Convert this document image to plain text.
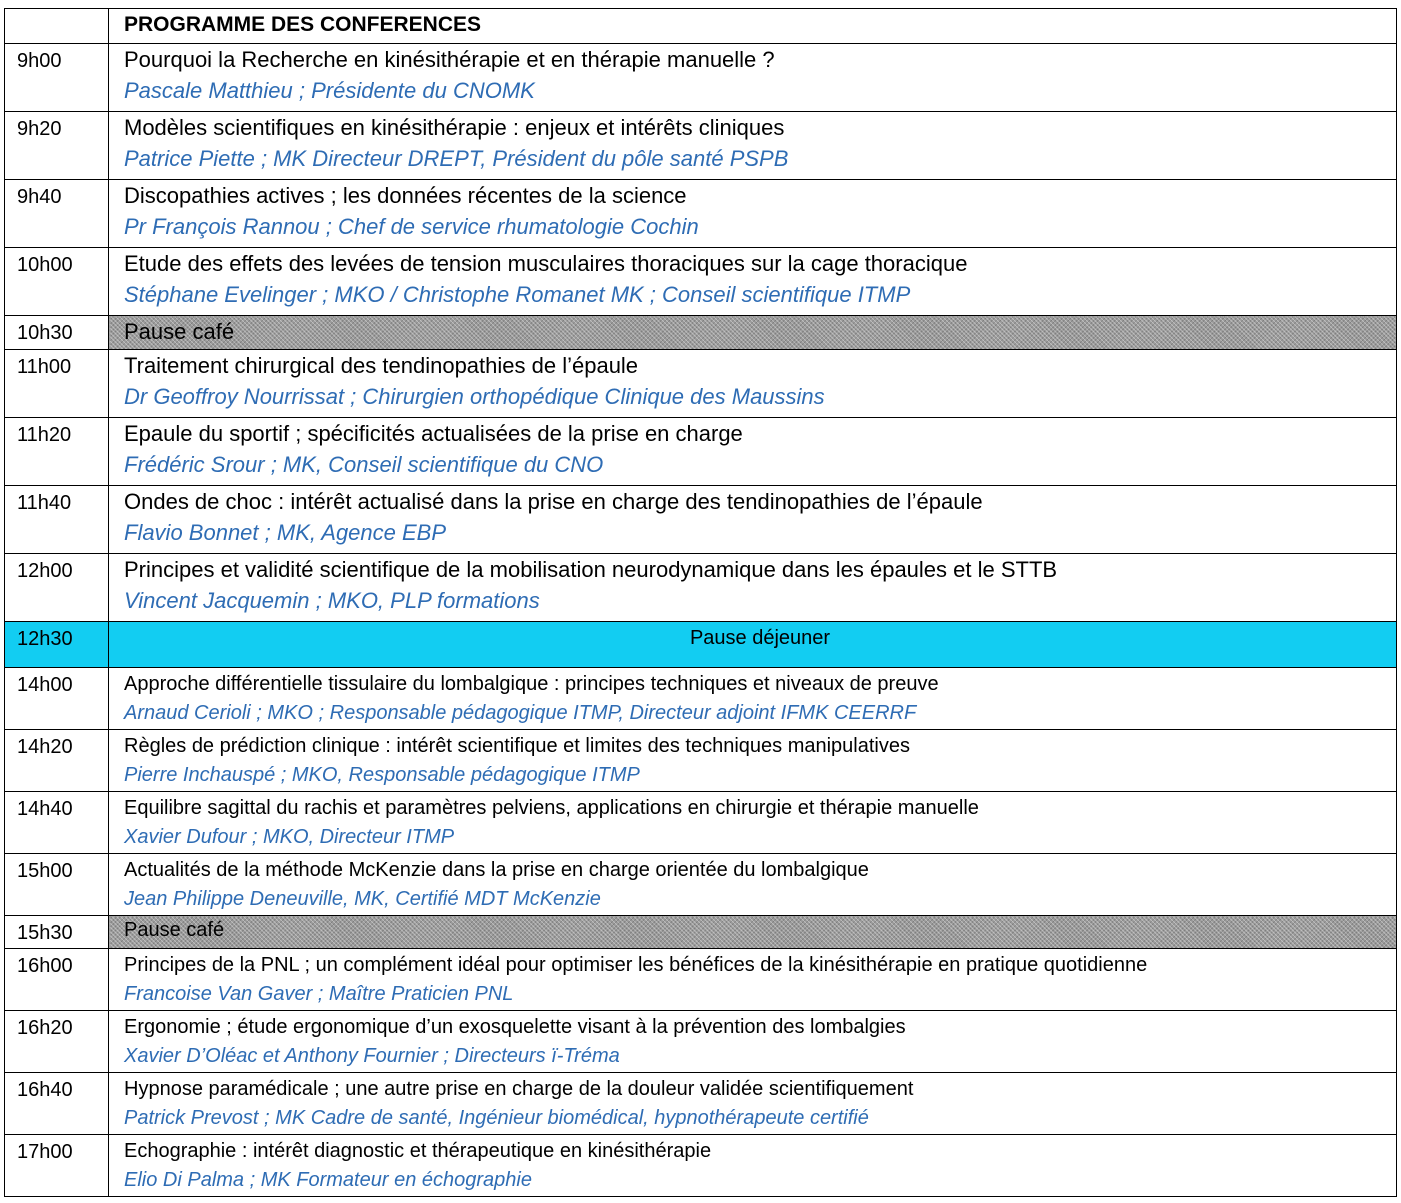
	PROGRAMME DES CONFERENCES
9h00	Pourquoi la Recherche en kinésithérapie et en thérapie manuelle ?
Pascale Matthieu ; Présidente du CNOMK

9h20	Modèles scientifiques en kinésithérapie : enjeux et intérêts cliniques
Patrice Piette ; MK Directeur DREPT, Président du pôle santé PSPB

9h40	Discopathies actives ; les données récentes de la science
Pr François Rannou ; Chef de service rhumatologie Cochin

10h00	Etude des effets des levées de tension musculaires thoraciques sur la cage thoracique
Stéphane Evelinger ; MKO / Christophe Romanet MK ; Conseil scientifique ITMP

10h30	Pause café
11h00	Traitement chirurgical des tendinopathies de l’épaule
Dr Geoffroy Nourrissat ; Chirurgien orthopédique Clinique des Maussins

11h20	Epaule du sportif ; spécificités actualisées de la prise en charge
Frédéric Srour ; MK, Conseil scientifique du CNO

11h40	Ondes de choc : intérêt actualisé dans la prise en charge des tendinopathies de l’épaule
Flavio Bonnet ; MK, Agence EBP

12h00	Principes et validité scientifique de la mobilisation neurodynamique dans les épaules et le STTB
Vincent Jacquemin ; MKO, PLP formations

12h30	Pause déjeuner
14h00	Approche différentielle tissulaire du lombalgique : principes techniques et niveaux de preuve
Arnaud Cerioli ; MKO ; Responsable pédagogique ITMP, Directeur adjoint IFMK CEERRF

14h20	Règles de prédiction clinique : intérêt scientifique et limites des techniques manipulatives
Pierre Inchauspé ; MKO, Responsable pédagogique ITMP

14h40	Equilibre sagittal du rachis et paramètres pelviens, applications en chirurgie et thérapie manuelle
Xavier Dufour ; MKO, Directeur ITMP

15h00	Actualités de la méthode McKenzie dans la prise en charge orientée du lombalgique
Jean Philippe Deneuville, MK, Certifié MDT McKenzie

15h30	Pause café
16h00	Principes de la PNL ; un complément idéal pour optimiser les bénéfices de la kinésithérapie en pratique quotidienne
Francoise Van Gaver ; Maître Praticien PNL

16h20	Ergonomie ; étude ergonomique d’un exosquelette visant à la prévention des lombalgies
Xavier D’Oléac et Anthony Fournier ; Directeurs ï-Tréma

16h40	Hypnose paramédicale ; une autre prise en charge de la douleur validée scientifiquement
Patrick Prevost ; MK Cadre de santé, Ingénieur biomédical, hypnothérapeute certifié

17h00	Echographie : intérêt diagnostic et thérapeutique en kinésithérapie
Elio Di Palma ; MK Formateur en échographie
